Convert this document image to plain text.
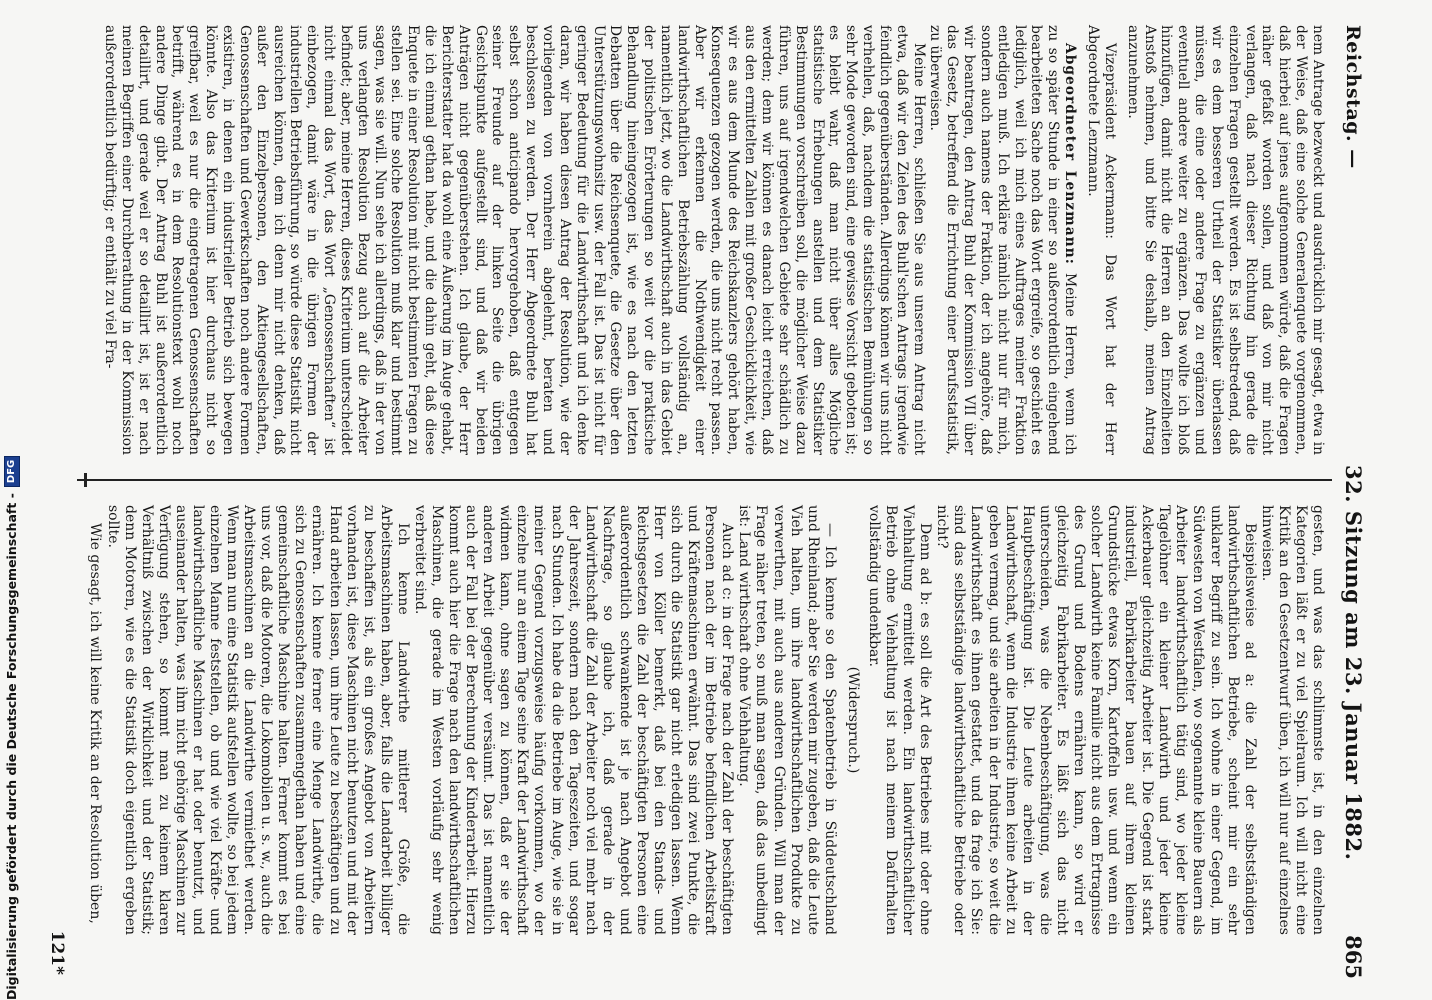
Reichstag. —
32. Sitzung am 23. Januar 1882.
865

nem Antrage bezweckt und ausdrücklich mir gesagt, etwa in der Weise, daß eine solche Generalenquete vorgenommen, daß hierbei auf jenes aufgenommen würde, daß die Fragen näher gefaßt worden sollen, und daß von mir nicht verlangen, daß nach dieser Richtung hin gerade die einzelnen Fragen gestellt werden. Es ist selbstredend, daß wir es dem besseren Urtheil der Statistiker überlassen müssen, die eine oder andere Frage zu ergänzen und eventuell andere weiter zu ergänzen. Das wollte ich bloß hinzufügen, damit nicht die Herren an den Einzelheiten Anstoß nehmen, und bitte Sie deshalb, meinen Antrag anzunehmen.

Vizepräsident Ackermann: Das Wort hat der Herr Abgeordnete Lenzmann.

Abgeordneter Lenzmann: Meine Herren, wenn ich zu so später Stunde in einer so außerordentlich eingehend bearbeiteten Sache noch das Wort ergreife, so geschieht es lediglich, weil ich mich eines Auftrages meiner Fraktion entledigen muß. Ich erkläre nämlich nicht nur für mich, sondern auch namens der Fraktion, der ich angehöre, daß wir beantragen, den Antrag Buhl der Kommission VII über das Gesetz, betreffend die Errichtung einer Berufsstatistik, zu überweisen.

Meine Herren, schließen Sie aus unserem Antrag nicht etwa, daß wir den Zielen des Buhl'schen Antrags irgendwie feindlich gegenüberständen. Allerdings können wir uns nicht verhehlen, daß, nachdem die statistischen Bemühungen so sehr Mode geworden sind, eine gewisse Vorsicht geboten ist; es bleibt wahr, daß man nicht über alles Mögliche statistische Erhebungen anstellen und dem Statistiker Bestimmungen vorschreiben soll, die möglicher Weise dazu führen, uns auf irgendwelchen Gebiete sehr schädlich zu werden; denn wir können es danach leicht erreichen, daß aus den ermittelten Zahlen mit großer Geschicklichkeit, wie wir es aus dem Munde des Reichskanzlers gehört haben, Konsequenzen gezogen werden, die uns nicht recht passen. Aber wir erkennen die Nothwendigkeit einer landwirthschaftlichen Betriebszählung vollständig an, namentlich jetzt, wo die Landwirthschaft auch in das Gebiet der politischen Erörterungen so weit vor die praktische Behandlung hineingezogen ist, wie es nach den letzten Debatten über die Reichsenquete, die Gesetze über den Unterstützungswohnsitz usw. der Fall ist. Das ist nicht für geringer Bedeutung für die Landwirthschaft und ich denke daran, wir haben diesen Antrag der Resolution, wie der vorliegenden von vornherein abgelehnt, beraten und beschlossen zu werden. Der Herr Abgeordnete Buhl hat selbst schon anticipando hervorgehoben, daß entgegen seiner Freunde auf der linken Seite die übrigen Gesichtspunkte aufgestellt sind, und daß wir beiden Anträgen nicht gegenüberstehen. Ich glaube, der Herr Berichterstatter hat da wohl eine Äußerung im Auge gehabt, die ich einmal gethan habe, und die dahin geht, daß diese Enquete in einer Resolution mit nicht bestimmten Fragen zu stellen sei. Eine solche Resolution muß klar und bestimmt sagen, was sie will. Nun sehe ich allerdings, daß in der von uns verlangten Resolution Bezug auch auf die Arbeiter befindet; aber, meine Herren, dieses Kriterium unterscheidet nicht einmal das Wort, das Wort „Genossenschaften“ ist einbezogen, damit wäre in die übrigen Formen der industriellen Betriebsführung, so würde diese Statistik nicht ausreichen können, dem ich denn mir nicht denken, daß außer den Einzelpersonen, den Aktiengesellschaften, Genossenschaften und Gewerkschaften noch andere Formen existiren, in denen ein industrieller Betrieb sich bewegen könnte. Also das Kriterium ist hier durchaus nicht so greifbar, weil es nur die eingetragenen Genossenschaften betrifft, während es in dem Resolutionstext wohl noch andere Dinge gibt. Der Antrag Buhl ist außerordentlich detaillirt, und gerade weil er so detaillirt ist, ist er nach meinen Begriffen einer Durchberathung in der Kommission außerordentlich bedürftig; er enthält zu viel Fra-

gesten, und was das schlimmste ist, in den einzelnen Kategorien läßt er zu viel Spielraum. Ich will nicht eine Kritik an den Gesetzentwurf üben, ich will nur auf einzelnes hinweisen.

Beispielsweise ad a: die Zahl der selbstständigen landwirthschaftlichen Betriebe, scheint mir ein sehr unklarer Begriff zu sein. Ich wohne in einer Gegend, im Südwesten von Westfalen, wo sogenannte kleine Bauern als Arbeiter landwirthschaftlich tätig sind, wo jeder kleine Tagelöhner ein kleiner Landwirth und jeder kleine Ackerbauer gleichzeitig Arbeiter ist. Die Gegend ist stark industriell, Fabrikarbeiter bauen auf ihrem kleinen Grundstücke etwas Korn, Kartoffeln usw. und wenn ein solcher Landwirth keine Familie nicht aus dem Ertragnisse des Grund und Bodens ernähren kann, so wird er gleichzeitig Fabrikarbeiter. Es läßt sich das nicht unterscheiden, was die Nebenbeschäftigung, was die Hauptbeschäftigung ist. Die Leute arbeiten in der Landwirthschaft, wenn die Industrie ihnen keine Arbeit zu geben vermag, und sie arbeiten in der Industrie, so weit die Landwirthschaft es ihnen gestattet, und da frage ich Sie: sind das selbstständige landwirthschaftliche Betriebe oder nicht?

Denn ad b: es soll die Art des Betriebes mit oder ohne Viehhaltung ermittelt werden. Ein landwirthschaftlicher Betrieb ohne Viehhaltung ist nach meinem Dafürhalten vollständig undenkbar.

(Widerspruch.)

— Ich kenne so den Spatenbetrieb in Süddeutschland und Rheinland; aber Sie werden mir zugeben, daß die Leute Vieh halten, um ihre landwirthschaftlichen Produkte zu verwerthen, mit auch aus anderen Gründen. Will man der Frage näher treten, so muß man sagen, daß das unbedingt ist: Land wirthschaft ohne Viehhaltung.

Auch ad c: in der Frage nach der Zahl der beschäftigten Personen nach der im Betriebe befindlichen Arbeitskraft und Kräftemaschinen erwähnt. Das sind zwei Punkte, die sich durch die Statistik gar nicht erledigen lassen. Wenn Herr von Köller bemerkt, daß bei den Stands- und Reichsgesetzen die Zahl der beschäftigten Personen eine außerordentlich schwankende ist je nach Angebot und Nachfrage, so glaube ich, daß gerade in der Landwirthschaft die Zahl der Arbeiter noch viel mehr nach der Jahreszeit, sondern nach den Tageszeiten, und sogar nach Stunden. Ich habe da die Betriebe im Auge, wie sie in meiner Gegend vorzugsweise häufig vorkommen, wo der einzelne nur an einem Tage seine Kraft der Landwirthschaft widmen kann, ohne sagen zu können, daß er sie der anderen Arbeit gegenüber versäumt. Das ist namentlich auch der Fall bei der Berechnung der Kinderarbeit. Hierzu kommt auch hier die Frage nach den landwirthschaftlichen Maschinen, die gerade im Westen vorläufig sehr wenig verbreitet sind.

Ich kenne Landwirthe mittlerer Größe, die Arbeitsmaschinen haben, aber, falls die Landarbeit billiger zu beschaffen ist, als ein großes Angebot von Arbeitern vorhanden ist, diese Maschinen nicht benutzen und mit der Hand arbeiten lassen, um ihre Leute zu beschäftigen und zu ernähren. Ich kenne ferner eine Menge Landwirthe, die sich zu Genossenschaften zusammengethan haben und eine gemeinschaftliche Maschine halten. Ferner kommt es bei uns vor, daß die Motoren, die Lokomobilen u. s. w., auch die Arbeitsmaschinen an die Landwirthe vermiethet werden. Wenn man nun eine Statistik aufstellen wollte, so bei jedem einzelnen Manne feststellen, ob und wie viel Kräfte- und landwirthschaftliche Maschinen er hat oder benutzt, und auseinander halten, was ihm nicht gehörige Maschinen zur Verfügung stehen, so kommt man zu keinem klaren Verhältniß zwischen der Wirklichkeit und der Statistik; denn Motoren, wie es die Statistik doch eigentlich ergeben sollte.

Wie gesagt, ich will keine Kritik an der Resolution üben,

121*
Digitalisierung gefördert durch die Deutsche Forschungsgemeinschaft -
DFG
